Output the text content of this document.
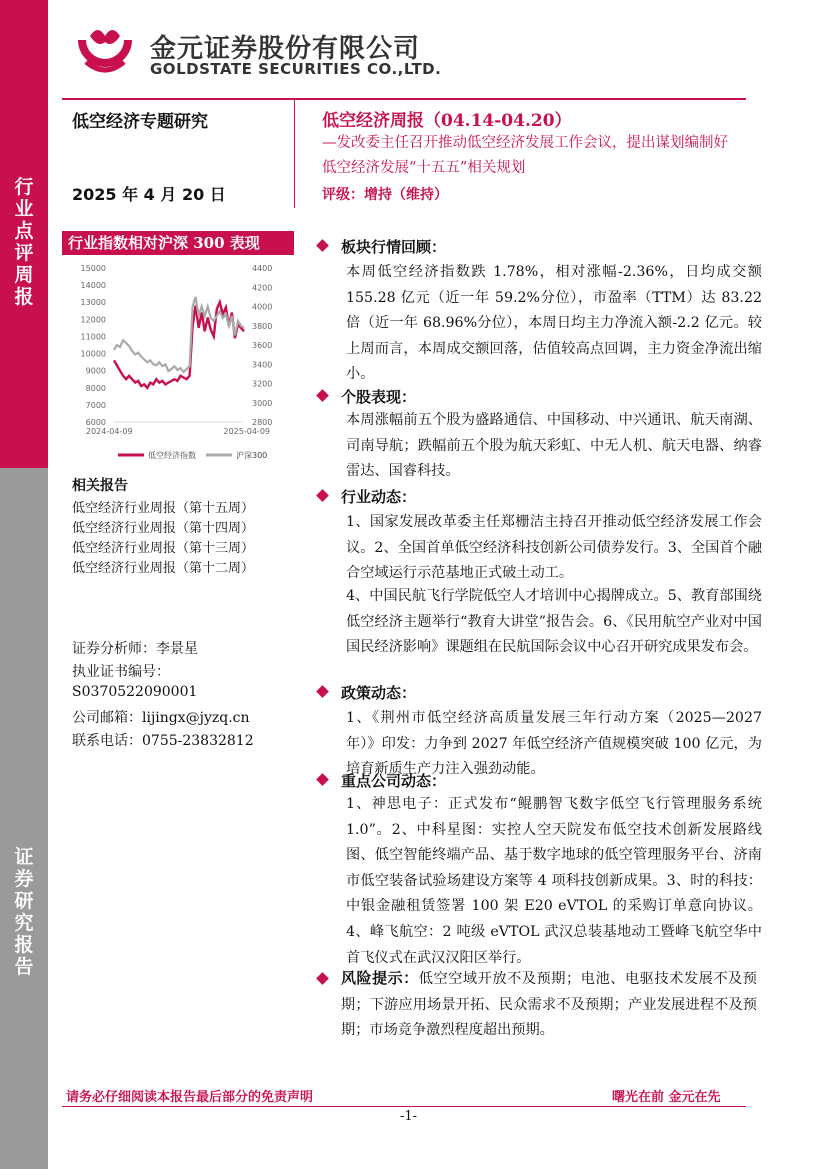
行
业
点
评
周
报
证
券
研
究
报
告
金元证券股份有限公司
GOLDSTATE SECURITIES CO.,LTD.
低空经济专题研究
2025 年 4 月 20 日
行业指数相对沪深 300 表现
15000
14000
13000
12000
11000
10000
9000
8000
7000
6000
4400
4200
4000
3800
3600
3400
3200
3000
2800
2024-04-09	2025-04-09
低空经济指数	沪深300
相关报告
低空经济行业周报（第十五周）
低空经济行业周报（第十四周）
低空经济行业周报（第十三周）
低空经济行业周报（第十二周）
证券分析师：李景星
执业证书编号：
S0370522090001
公司邮箱：lijingx@jyzq.cn
联系电话：0755-23832812
低空经济周报（04.14-04.20）
—发改委主任召开推动低空经济发展工作会议，提出谋划编制好低空经济发展“十五五”相关规划
评级：增持（维持）
板块行情回顾：
本周低空经济指数跌 1.78%，相对涨幅-2.36%，日均成交额 155.28 亿元（近一年 59.2%分位），市盈率（TTM）达 83.22 倍（近一年 68.96%分位），本周日均主力净流入额-2.2 亿元。较上周而言，本周成交额回落，估值较高点回调，主力资金净流出缩小。
个股表现：
本周涨幅前五个股为盛路通信、中国移动、中兴通讯、航天南湖、司南导航；跌幅前五个股为航天彩虹、中无人机、航天电器、纳睿雷达、国睿科技。
行业动态：
1、国家发展改革委主任郑栅洁主持召开推动低空经济发展工作会议。2、全国首单低空经济科技创新公司债券发行。3、全国首个融合空域运行示范基地正式破土动工。
4、中国民航飞行学院低空人才培训中心揭牌成立。5、教育部围绕低空经济主题举行“教育大讲堂”报告会。6、《民用航空产业对中国国民经济影响》课题组在民航国际会议中心召开研究成果发布会。
政策动态：
1、《荆州市低空经济高质量发展三年行动方案（2025—2027 年）》印发：力争到 2027 年低空经济产值规模突破 100 亿元，为培育新质生产力注入强劲动能。
重点公司动态：
1、神思电子：正式发布“鲲鹏智飞数字低空飞行管理服务系统 1.0”。2、中科星图：实控人空天院发布低空技术创新发展路线图、低空智能终端产品、基于数字地球的低空管理服务平台、济南市低空装备试验场建设方案等 4 项科技创新成果。3、时的科技：中银金融租赁签署 100 架 E20 eVTOL 的采购订单意向协议。4、峰飞航空：2 吨级 eVTOL 武汉总装基地动工暨峰飞航空华中首飞仪式在武汉汉阳区举行。
风险提示：低空空域开放不及预期；电池、电驱技术发展不及预期；下游应用场景开拓、民众需求不及预期；产业发展进程不及预期；市场竞争激烈程度超出预期。
请务必仔细阅读本报告最后部分的免责声明	曙光在前 金元在先
-1-
